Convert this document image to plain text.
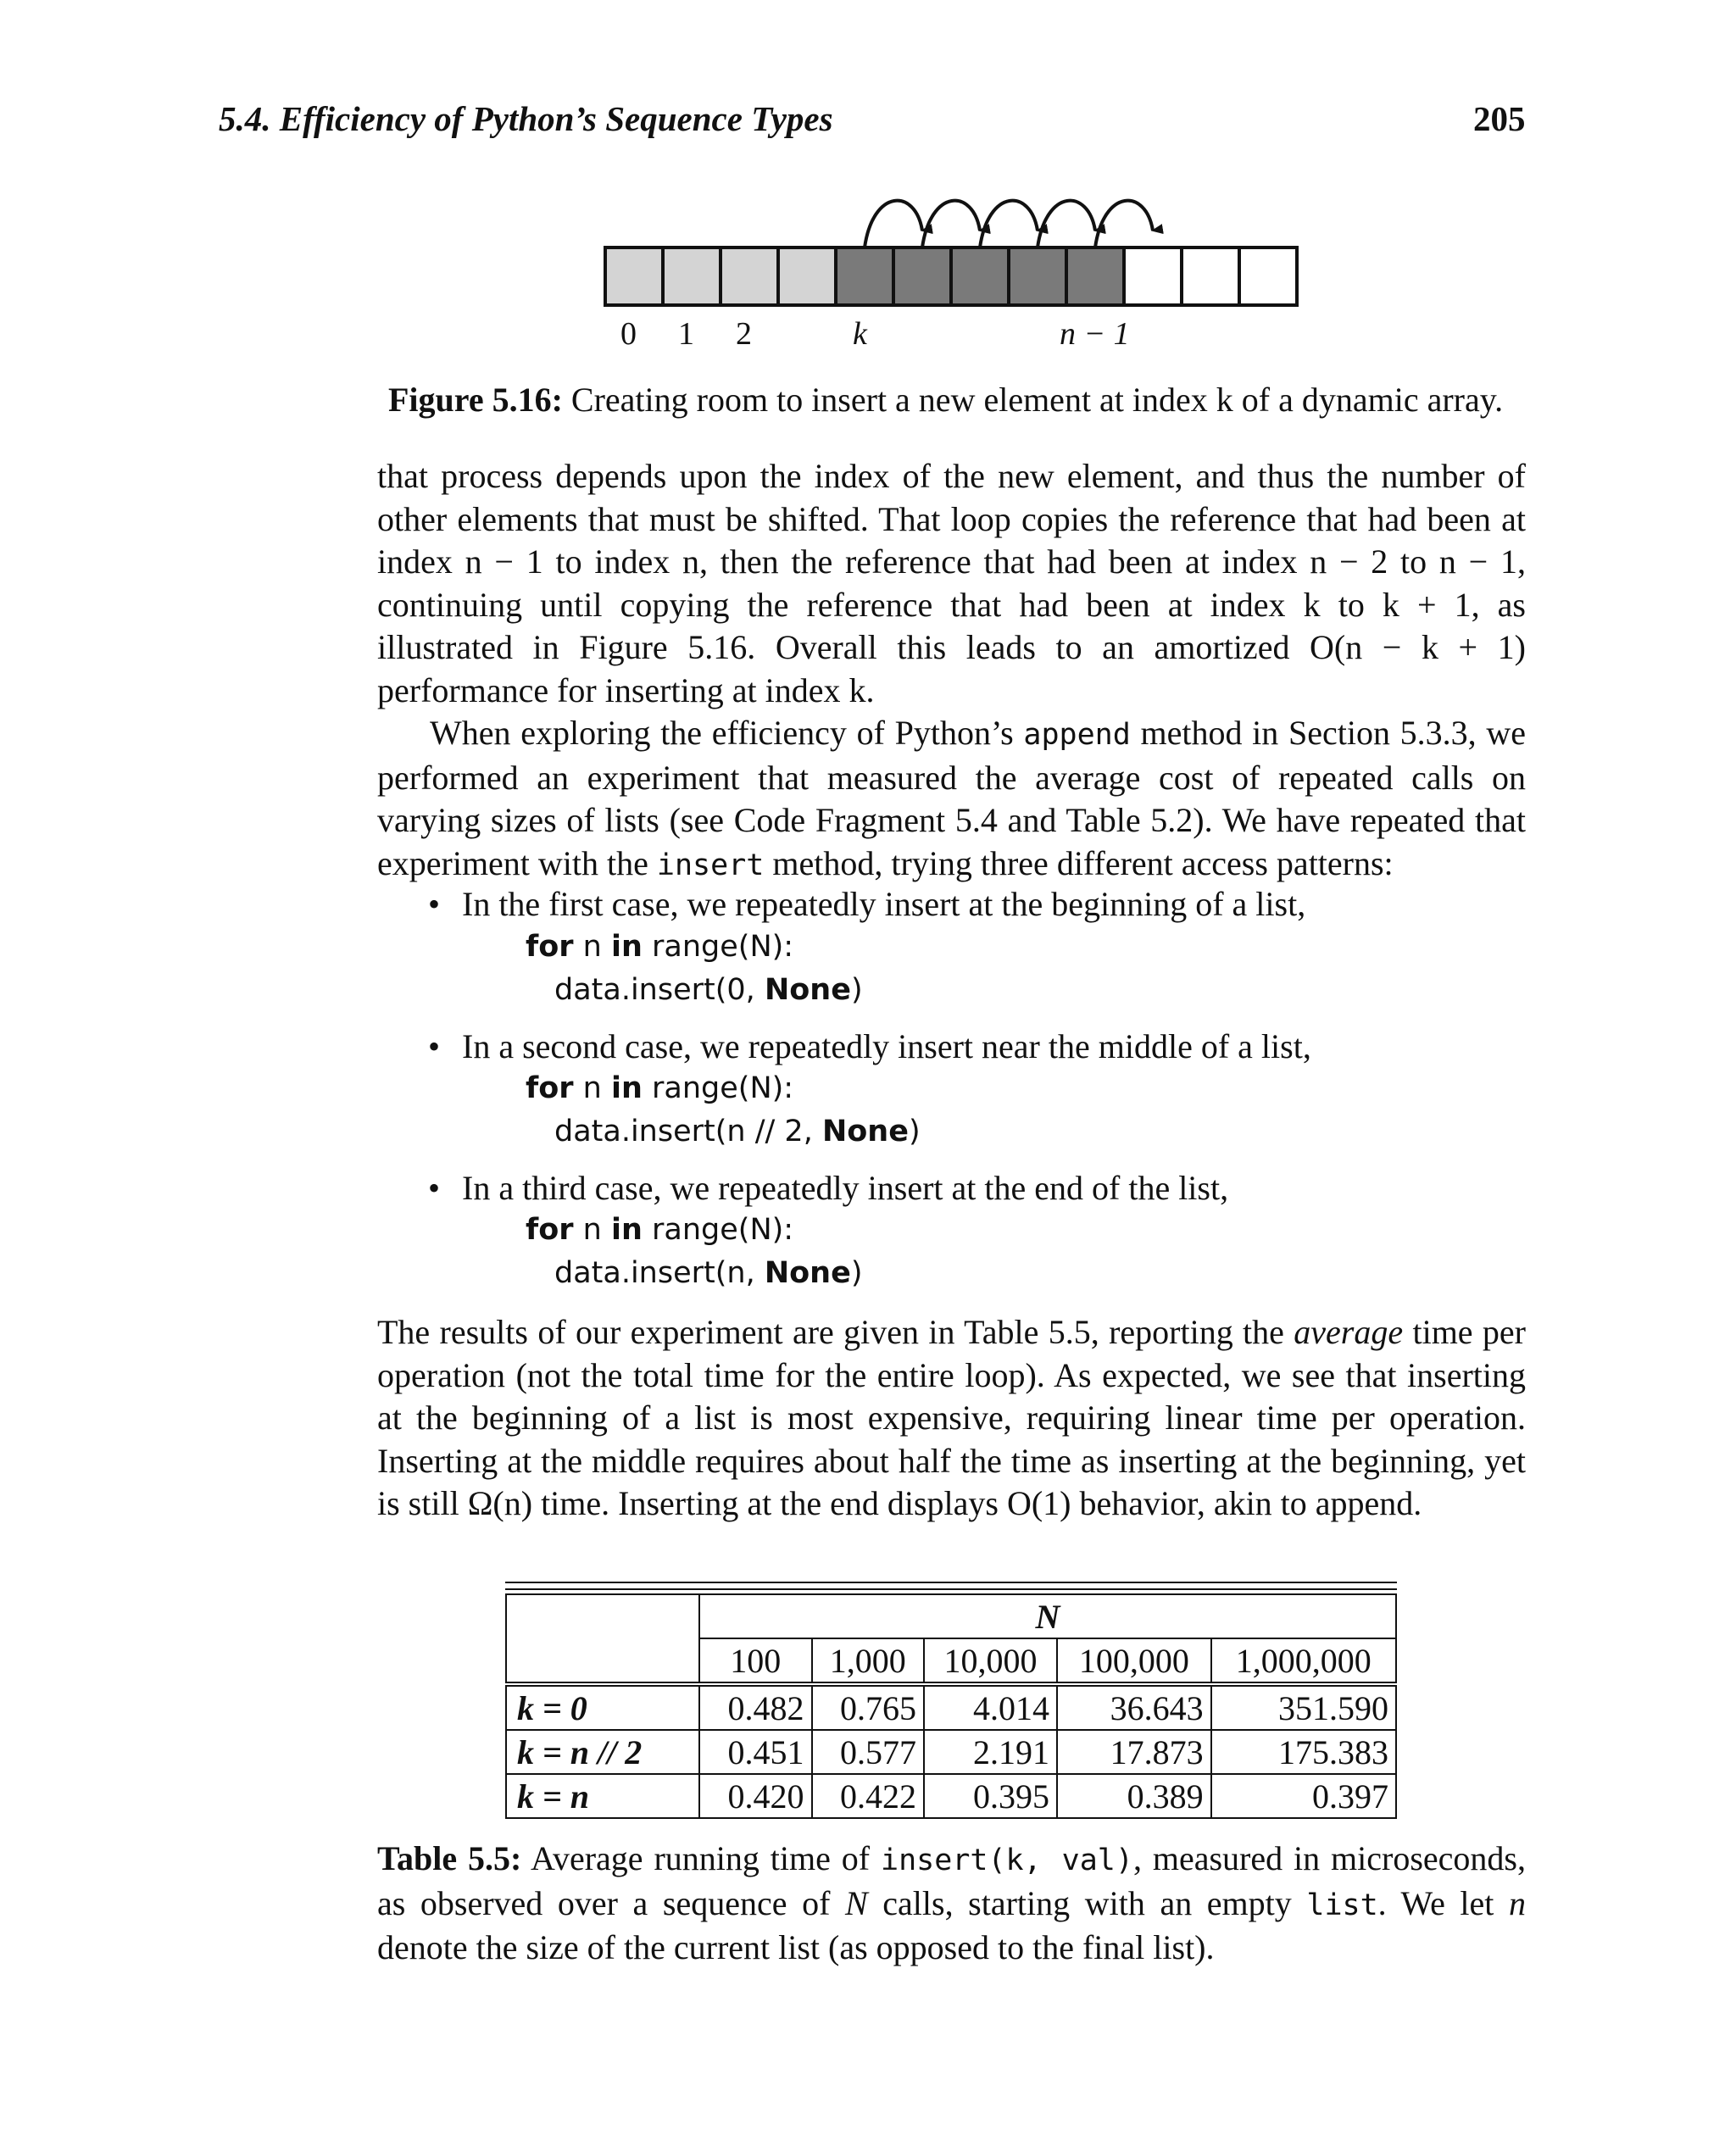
5.4. Efficiency of Python’s Sequence Types	205
0 1 2	k	n − 1
Figure 5.16: Creating room to insert a new element at index k of a dynamic array.

that process depends upon the index of the new element, and thus the number of other elements that must be shifted. That loop copies the reference that had been at index n − 1 to index n, then the reference that had been at index n − 2 to n − 1, continuing until copying the reference that had been at index k to k + 1, as illustrated in Figure 5.16. Overall this leads to an amortized O(n − k + 1) performance for inserting at index k.

When exploring the efficiency of Python’s append method in Section 5.3.3, we performed an experiment that measured the average cost of repeated calls on varying sizes of lists (see Code Fragment 5.4 and Table 5.2). We have repeated that experiment with the insert method, trying three different access patterns:

• In the first case, we repeatedly insert at the beginning of a list,
for n in range(N):
data.insert(0, None)
• In a second case, we repeatedly insert near the middle of a list,
for n in range(N):
data.insert(n // 2, None)
• In a third case, we repeatedly insert at the end of the list,
for n in range(N):
data.insert(n, None)

The results of our experiment are given in Table 5.5, reporting the average time per operation (not the total time for the entire loop). As expected, we see that inserting at the beginning of a list is most expensive, requiring linear time per operation. Inserting at the middle requires about half the time as inserting at the beginning, yet is still Ω(n) time. Inserting at the end displays O(1) behavior, akin to append.

	N				
	100	1,000	10,000	100,000	1,000,000
k = 0	0.482	0.765	4.014	36.643	351.590
k = n // 2	0.451	0.577	2.191	17.873	175.383
k = n	0.420	0.422	0.395	0.389	0.397
Table 5.5: Average running time of insert(k, val), measured in microseconds, as observed over a sequence of N calls, starting with an empty list. We let n denote the size of the current list (as opposed to the final list).
